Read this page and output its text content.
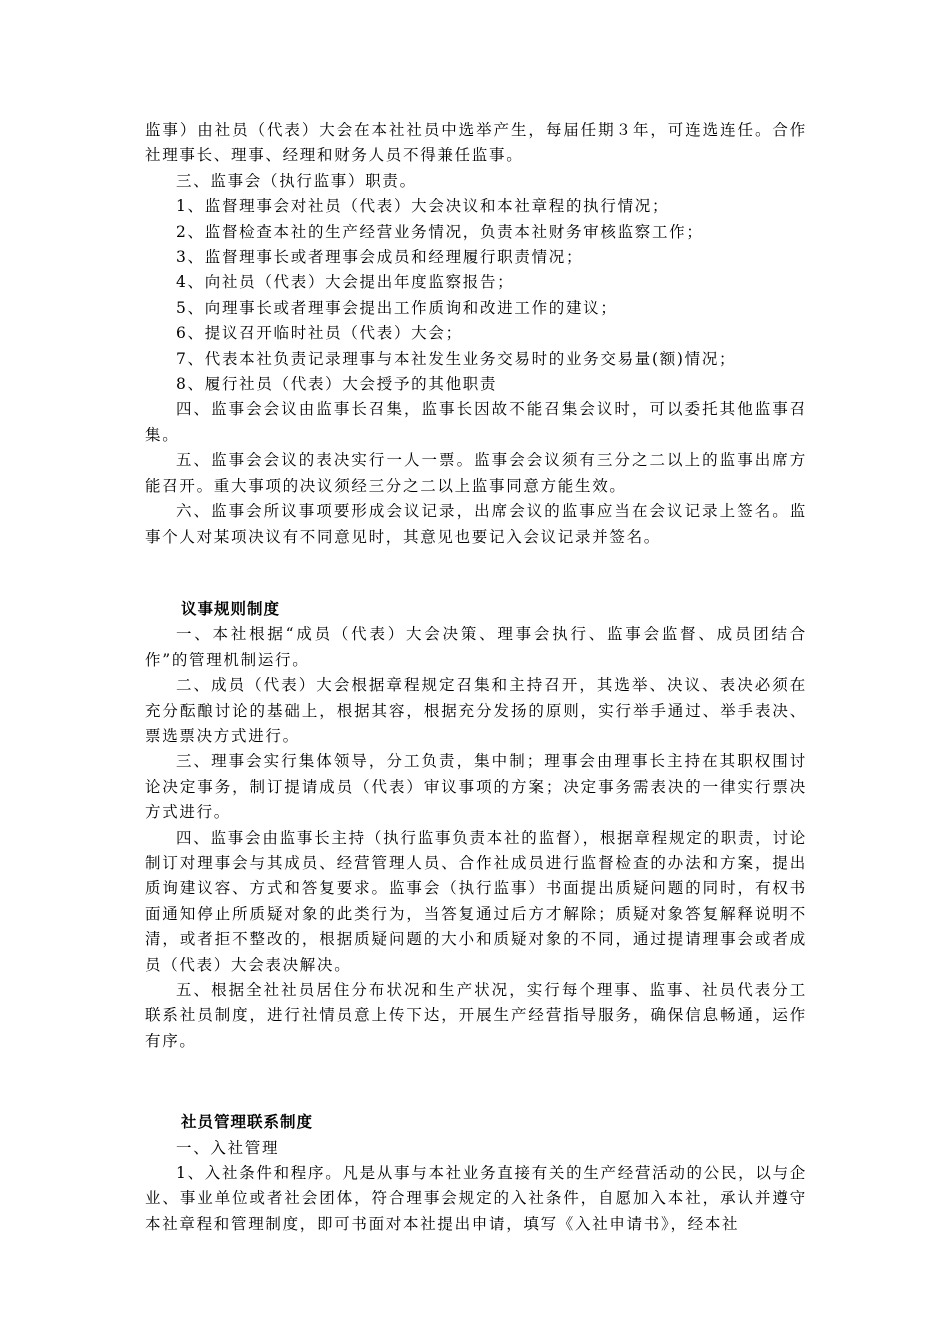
监事）由社员（代表）大会在本社社员中选举产生，每届任期３年，可连选连任。合作社理事长、理事、经理和财务人员不得兼任监事。

三、监事会（执行监事）职责。

1、监督理事会对社员（代表）大会决议和本社章程的执行情况；

2、监督检查本社的生产经营业务情况，负责本社财务审核监察工作；

3、监督理事长或者理事会成员和经理履行职责情况；

4、向社员（代表）大会提出年度监察报告；

5、向理事长或者理事会提出工作质询和改进工作的建议；

6、提议召开临时社员（代表）大会；

7、代表本社负责记录理事与本社发生业务交易时的业务交易量(额)情况；

8、履行社员（代表）大会授予的其他职责

四、监事会会议由监事长召集，监事长因故不能召集会议时，可以委托其他监事召集。

五、监事会会议的表决实行一人一票。监事会会议须有三分之二以上的监事出席方能召开。重大事项的决议须经三分之二以上监事同意方能生效。

六、监事会所议事项要形成会议记录，出席会议的监事应当在会议记录上签名。监事个人对某项决议有不同意见时，其意见也要记入会议记录并签名。

议事规则制度

一、本社根据“成员（代表）大会决策、理事会执行、监事会监督、成员团结合作”的管理机制运行。

二、成员（代表）大会根据章程规定召集和主持召开，其选举、决议、表决必须在充分酝酿讨论的基础上，根据其容，根据充分发扬的原则，实行举手通过、举手表决、票选票决方式进行。

三、理事会实行集体领导，分工负责，集中制；理事会由理事长主持在其职权围讨论决定事务，制订提请成员（代表）审议事项的方案；决定事务需表决的一律实行票决方式进行。

四、监事会由监事长主持（执行监事负责本社的监督），根据章程规定的职责，讨论制订对理事会与其成员、经营管理人员、合作社成员进行监督检查的办法和方案，提出质询建议容、方式和答复要求。监事会（执行监事）书面提出质疑问题的同时，有权书面通知停止所质疑对象的此类行为，当答复通过后方才解除；质疑对象答复解释说明不清，或者拒不整改的，根据质疑问题的大小和质疑对象的不同，通过提请理事会或者成员（代表）大会表决解决。

五、根据全社社员居住分布状况和生产状况，实行每个理事、监事、社员代表分工联系社员制度，进行社情员意上传下达，开展生产经营指导服务，确保信息畅通，运作有序。

社员管理联系制度

一、入社管理

1、入社条件和程序。凡是从事与本社业务直接有关的生产经营活动的公民，以与企业、事业单位或者社会团体，符合理事会规定的入社条件，自愿加入本社，承认并遵守本社章程和管理制度，即可书面对本社提出申请，填写《入社申请书》，经本社
